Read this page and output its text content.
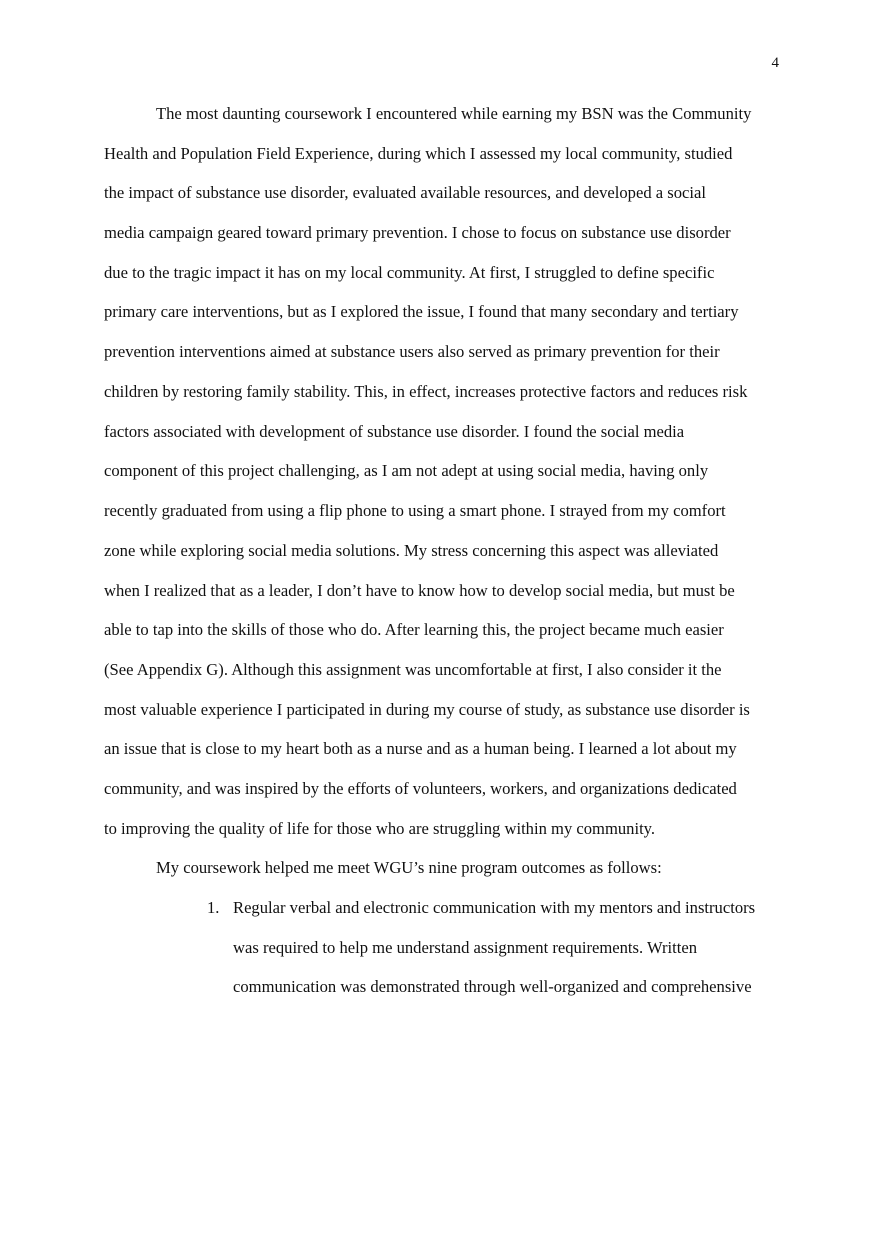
4
The most daunting coursework I encountered while earning my BSN was the Community
Health and Population Field Experience, during which I assessed my local community, studied
the impact of substance use disorder, evaluated available resources, and developed a social
media campaign geared toward primary prevention. I chose to focus on substance use disorder
due to the tragic impact it has on my local community. At first, I struggled to define specific
primary care interventions, but as I explored the issue, I found that many secondary and tertiary
prevention interventions aimed at substance users also served as primary prevention for their
children by restoring family stability. This, in effect, increases protective factors and reduces risk
factors associated with development of substance use disorder. I found the social media
component of this project challenging, as I am not adept at using social media, having only
recently graduated from using a flip phone to using a smart phone. I strayed from my comfort
zone while exploring social media solutions. My stress concerning this aspect was alleviated
when I realized that as a leader, I don’t have to know how to develop social media, but must be
able to tap into the skills of those who do. After learning this, the project became much easier
(See Appendix G). Although this assignment was uncomfortable at first, I also consider it the
most valuable experience I participated in during my course of study, as substance use disorder is
an issue that is close to my heart both as a nurse and as a human being. I learned a lot about my
community, and was inspired by the efforts of volunteers, workers, and organizations dedicated
to improving the quality of life for those who are struggling within my community.
My coursework helped me meet WGU’s nine program outcomes as follows:
1. Regular verbal and electronic communication with my mentors and instructors
was required to help me understand assignment requirements. Written
communication was demonstrated through well-organized and comprehensive
